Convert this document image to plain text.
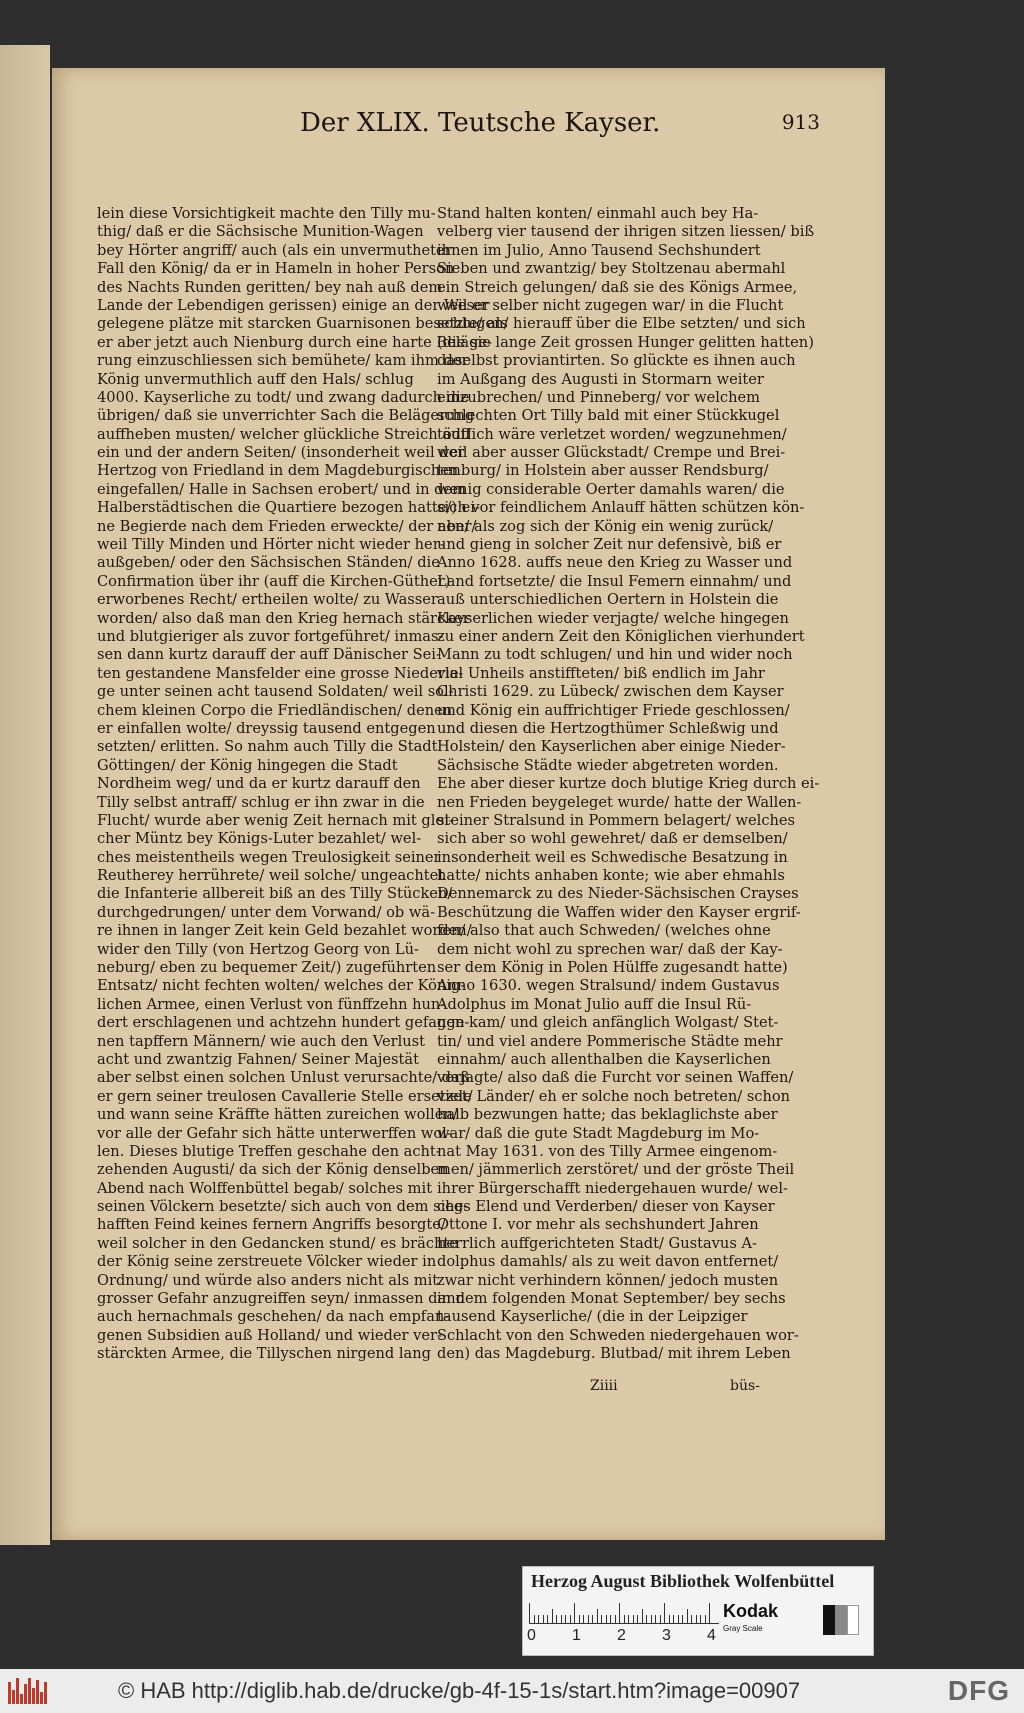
Der XLIX. Teutsche Kayser.	913
lein diese Vorsichtigkeit machte den Tilly mu-
thig/ daß er die Sächsische Munition-Wagen
bey Hörter angriff/ auch (als ein unvermutheter
Fall den König/ da er in Hameln in hoher Person
des Nachts Runden geritten/ bey nah auß dem
Lande der Lebendigen gerissen) einige an der Weser
gelegene plätze mit starcken Guarnisonen besetzte/ als
er aber jetzt auch Nienburg durch eine harte Beläge-
rung einzuschliessen sich bemühete/ kam ihm der
König unvermuthlich auff den Hals/ schlug
4000. Kayserliche zu todt/ und zwang dadurch die
übrigen/ daß sie unverrichter Sach die Belägerung
auffheben musten/ welcher glückliche Streich auff
ein und der andern Seiten/ (insonderheit weil der
Hertzog von Friedland in dem Magdeburgischen
eingefallen/ Halle in Sachsen erobert/ und in dem
Halberstädtischen die Quartiere bezogen hatte/) ei-
ne Begierde nach dem Frieden erweckte/ der aber/
weil Tilly Minden und Hörter nicht wieder her-
außgeben/ oder den Sächsischen Ständen/ die
Confirmation über ihr (auff die Kirchen-Güther)
erworbenes Recht/ ertheilen wolte/ zu Wasser
worden/ also daß man den Krieg hernach stärcker
und blutgieriger als zuvor fortgeführet/ inmas-
sen dann kurtz darauff der auff Dänischer Sei-
ten gestandene Mansfelder eine grosse Niederla-
ge unter seinen acht tausend Soldaten/ weil sol-
chem kleinen Corpo die Friedländischen/ denen
er einfallen wolte/ dreyssig tausend entgegen
setzten/ erlitten. So nahm auch Tilly die Stadt
Göttingen/ der König hingegen die Stadt
Nordheim weg/ und da er kurtz darauff den
Tilly selbst antraff/ schlug er ihn zwar in die
Flucht/ wurde aber wenig Zeit hernach mit glei-
cher Müntz bey Königs-Luter bezahlet/ wel-
ches meistentheils wegen Treulosigkeit seiner
Reutherey herrührete/ weil solche/ ungeachtet
die Infanterie allbereit biß an des Tilly Stücken/
durchgedrungen/ unter dem Vorwand/ ob wä-
re ihnen in langer Zeit kein Geld bezahlet worden/
wider den Tilly (von Hertzog Georg von Lü-
neburg/ eben zu bequemer Zeit/) zugeführten
Entsatz/ nicht fechten wolten/ welches der König-
lichen Armee, einen Verlust von fünffzehn hun-
dert erschlagenen und achtzehn hundert gefange-
nen tapffern Männern/ wie auch den Verlust
acht und zwantzig Fahnen/ Seiner Majestät
aber selbst einen solchen Unlust verursachte/ daß
er gern seiner treulosen Cavallerie Stelle ersetzet/
und wann seine Kräffte hätten zureichen wollen/
vor alle der Gefahr sich hätte unterwerffen wol-
len. Dieses blutige Treffen geschahe den acht-
zehenden Augusti/ da sich der König denselben
Abend nach Wolffenbüttel begab/ solches mit
seinen Völckern besetzte/ sich auch von dem sieg-
hafften Feind keines fernern Angriffs besorgte/
weil solcher in den Gedancken stund/ es brächte
der König seine zerstreuete Völcker wieder in
Ordnung/ und würde also anders nicht als mit
grosser Gefahr anzugreiffen seyn/ inmassen dann
auch hernachmals geschehen/ da nach empfan-
genen Subsidien auß Holland/ und wieder ver-
stärckten Armee, die Tillyschen nirgend lang
Stand halten konten/ einmahl auch bey Ha-
velberg vier tausend der ihrigen sitzen liessen/ biß
ihnen im Julio, Anno Tausend Sechshundert
Sieben und zwantzig/ bey Stoltzenau abermahl
ein Streich gelungen/ daß sie des Königs Armee,
weil er selber nicht zugegen war/ in die Flucht
schlugen/ hierauff über die Elbe setzten/ und sich
(die sie lange Zeit grossen Hunger gelitten hatten)
daselbst proviantirten. So glückte es ihnen auch
im Außgang des Augusti in Stormarn weiter
einzubrechen/ und Pinneberg/ vor welchem
schlechten Ort Tilly bald mit einer Stückkugel
tödtlich wäre verletzet worden/ wegzunehmen/
weil aber ausser Glückstadt/ Crempe und Brei-
tenburg/ in Holstein aber ausser Rendsburg/
wenig considerable Oerter damahls waren/ die
sich vor feindlichem Anlauff hätten schützen kön-
nen/ als zog sich der König ein wenig zurück/
und gieng in solcher Zeit nur defensivè, biß er
Anno 1628. auffs neue den Krieg zu Wasser und
Land fortsetzte/ die Insul Femern einnahm/ und
auß unterschiedlichen Oertern in Holstein die
Kayserlichen wieder verjagte/ welche hingegen
zu einer andern Zeit den Königlichen vierhundert
Mann zu todt schlugen/ und hin und wider noch
viel Unheils anstiffteten/ biß endlich im Jahr
Christi 1629. zu Lübeck/ zwischen dem Kayser
und König ein auffrichtiger Friede geschlossen/
und diesen die Hertzogthümer Schleßwig und
Holstein/ den Kayserlichen aber einige Nieder-
Sächsische Städte wieder abgetreten worden.
Ehe aber dieser kurtze doch blutige Krieg durch ei-
nen Frieden beygeleget wurde/ hatte der Wallen-
steiner Stralsund in Pommern belagert/ welches
sich aber so wohl gewehret/ daß er demselben/
insonderheit weil es Schwedische Besatzung in
hatte/ nichts anhaben konte; wie aber ehmahls
Dennemarck zu des Nieder-Sächsischen Crayses
Beschützung die Waffen wider den Kayser ergrif-
fen/ also that auch Schweden/ (welches ohne
dem nicht wohl zu sprechen war/ daß der Kay-
ser dem König in Polen Hülffe zugesandt hatte)
Anno 1630. wegen Stralsund/ indem Gustavus
Adolphus im Monat Julio auff die Insul Rü-
gen kam/ und gleich anfänglich Wolgast/ Stet-
tin/ und viel andere Pommerische Städte mehr
einnahm/ auch allenthalben die Kayserlichen
verjagte/ also daß die Furcht vor seinen Waffen/
viele Länder/ eh er solche noch betreten/ schon
halb bezwungen hatte; das beklaglichste aber
war/ daß die gute Stadt Magdeburg im Mo-
nat May 1631. von des Tilly Armee eingenom-
men/ jämmerlich zerstöret/ und der gröste Theil
ihrer Bürgerschafft niedergehauen wurde/ wel-
ches Elend und Verderben/ dieser von Kayser
Ottone I. vor mehr als sechshundert Jahren
herrlich auffgerichteten Stadt/ Gustavus A-
dolphus damahls/ als zu weit davon entfernet/
zwar nicht verhindern können/ jedoch musten
in dem folgenden Monat September/ bey sechs
tausend Kayserliche/ (die in der Leipziger
Schlacht von den Schweden niedergehauen wor-
den) das Magdeburg. Blutbad/ mit ihrem Leben
Ziiii	büs-
Herzog August Bibliothek Wolfenbüttel
0 1 2 3 4
Kodak
Gray Scale
© HAB http://diglib.hab.de/drucke/gb-4f-15-1s/start.htm?image=00907	DFG
